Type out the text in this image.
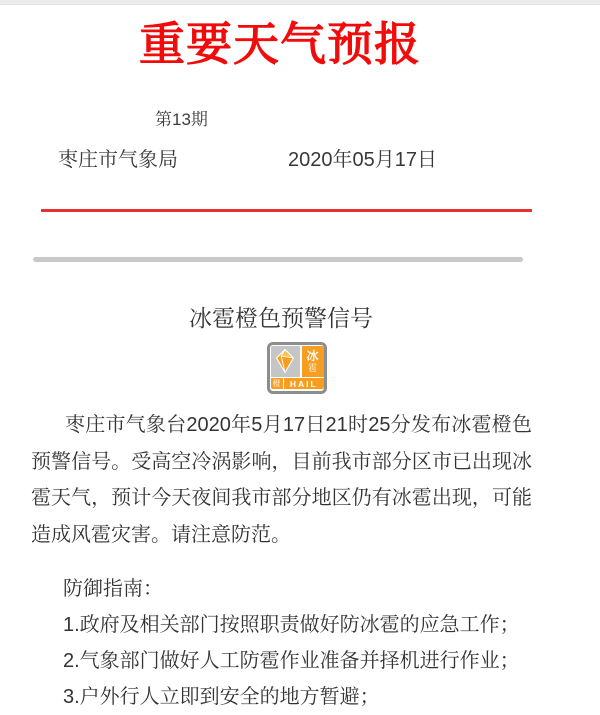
重要天气预报
第13期
枣庄市气象局	2020年05月17日
冰雹橙色预警信号
冰
雹
橙	HAIL

枣庄市气象台2020年5月17日21时25分发布冰雹橙色预警信号。受高空冷涡影响，目前我市部分区市已出现冰雹天气，预计今天夜间我市部分地区仍有冰雹出现，可能造成风雹灾害。请注意防范。

防御指南：
1.政府及相关部门按照职责做好防冰雹的应急工作；
2.气象部门做好人工防雹作业准备并择机进行作业；
3.户外行人立即到安全的地方暂避；
